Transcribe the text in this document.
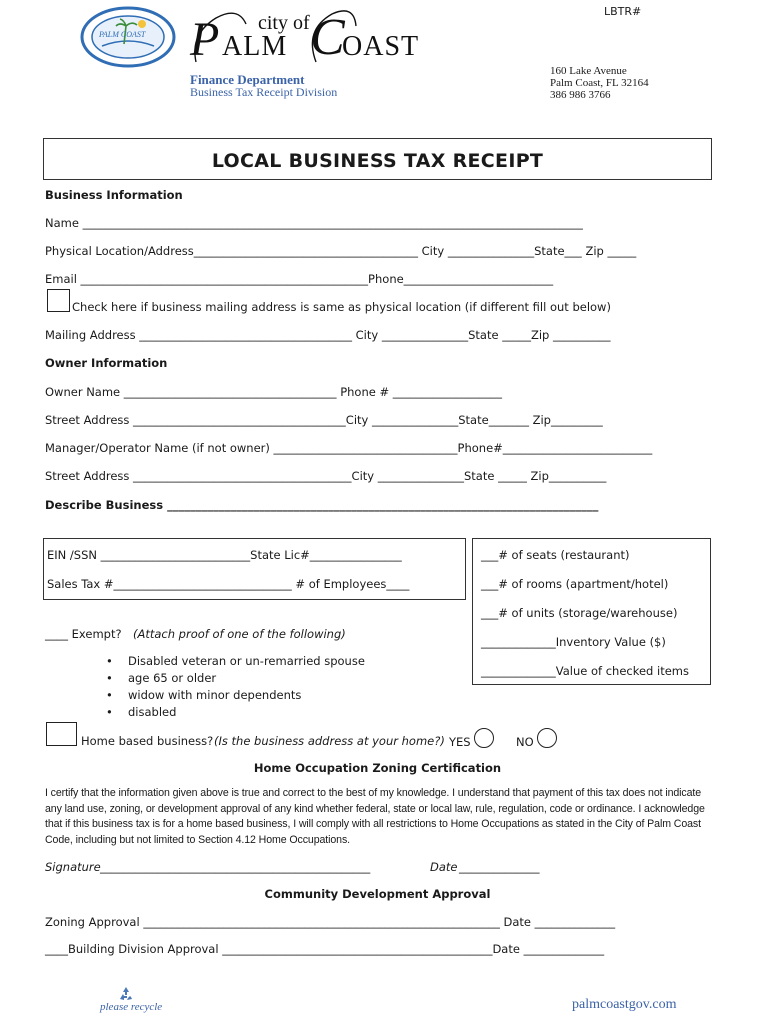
PALM COAST P ALM
city of C
OAST
Finance Department
Business Tax Receipt Division
LBTR#
160 Lake Avenue
Palm Coast, FL 32164
386 986 3766
LOCAL BUSINESS TAX RECEIPT
Business Information
Name _______________________________________________________________________________________
Physical Location/Address_______________________________________ City _______________State___ Zip _____
Email __________________________________________________Phone__________________________
Check here if business mailing address is same as physical location (if different fill out below)
Mailing Address _____________________________________ City _______________State _____Zip __________
Owner Information
Owner Name _____________________________________ Phone # ___________________
Street Address _____________________________________City _______________State_______ Zip_________
Manager/Operator Name (if not owner) ________________________________Phone#__________________________
Street Address ______________________________________City _______________State _____ Zip__________
Describe Business ___________________________________________________________________________
EIN /SSN __________________________State Lic#________________
Sales Tax #_______________________________ # of Employees____
___# of seats (restaurant)
___# of rooms (apartment/hotel)
___# of units (storage/warehouse)
_____________Inventory Value ($)
_____________Value of checked items
____ Exempt? (Attach proof of one of the following)
• Disabled veteran or un-remarried spouse
• age 65 or older
• widow with minor dependents
• disabled
Home based business? (Is the business address at your home?) YES	NO
Home Occupation Zoning Certification
I certify that the information given above is true and correct to the best of my knowledge. I understand that payment of this tax does not indicate any land use, zoning, or development approval of any kind whether federal, state or local law, rule, regulation, code or ordinance. I acknowledge that if this business tax is for a home based business, I will comply with all restrictions to Home Occupations as stated in the City of Palm Coast Code, including but not limited to Section 4.12 Home Occupations.
Signature _______________________________________________	Date ______________
Community Development Approval
Zoning Approval ______________________________________________________________ Date ______________
____Building Division Approval _______________________________________________Date ______________
please recycle	palmcoastgov.com
